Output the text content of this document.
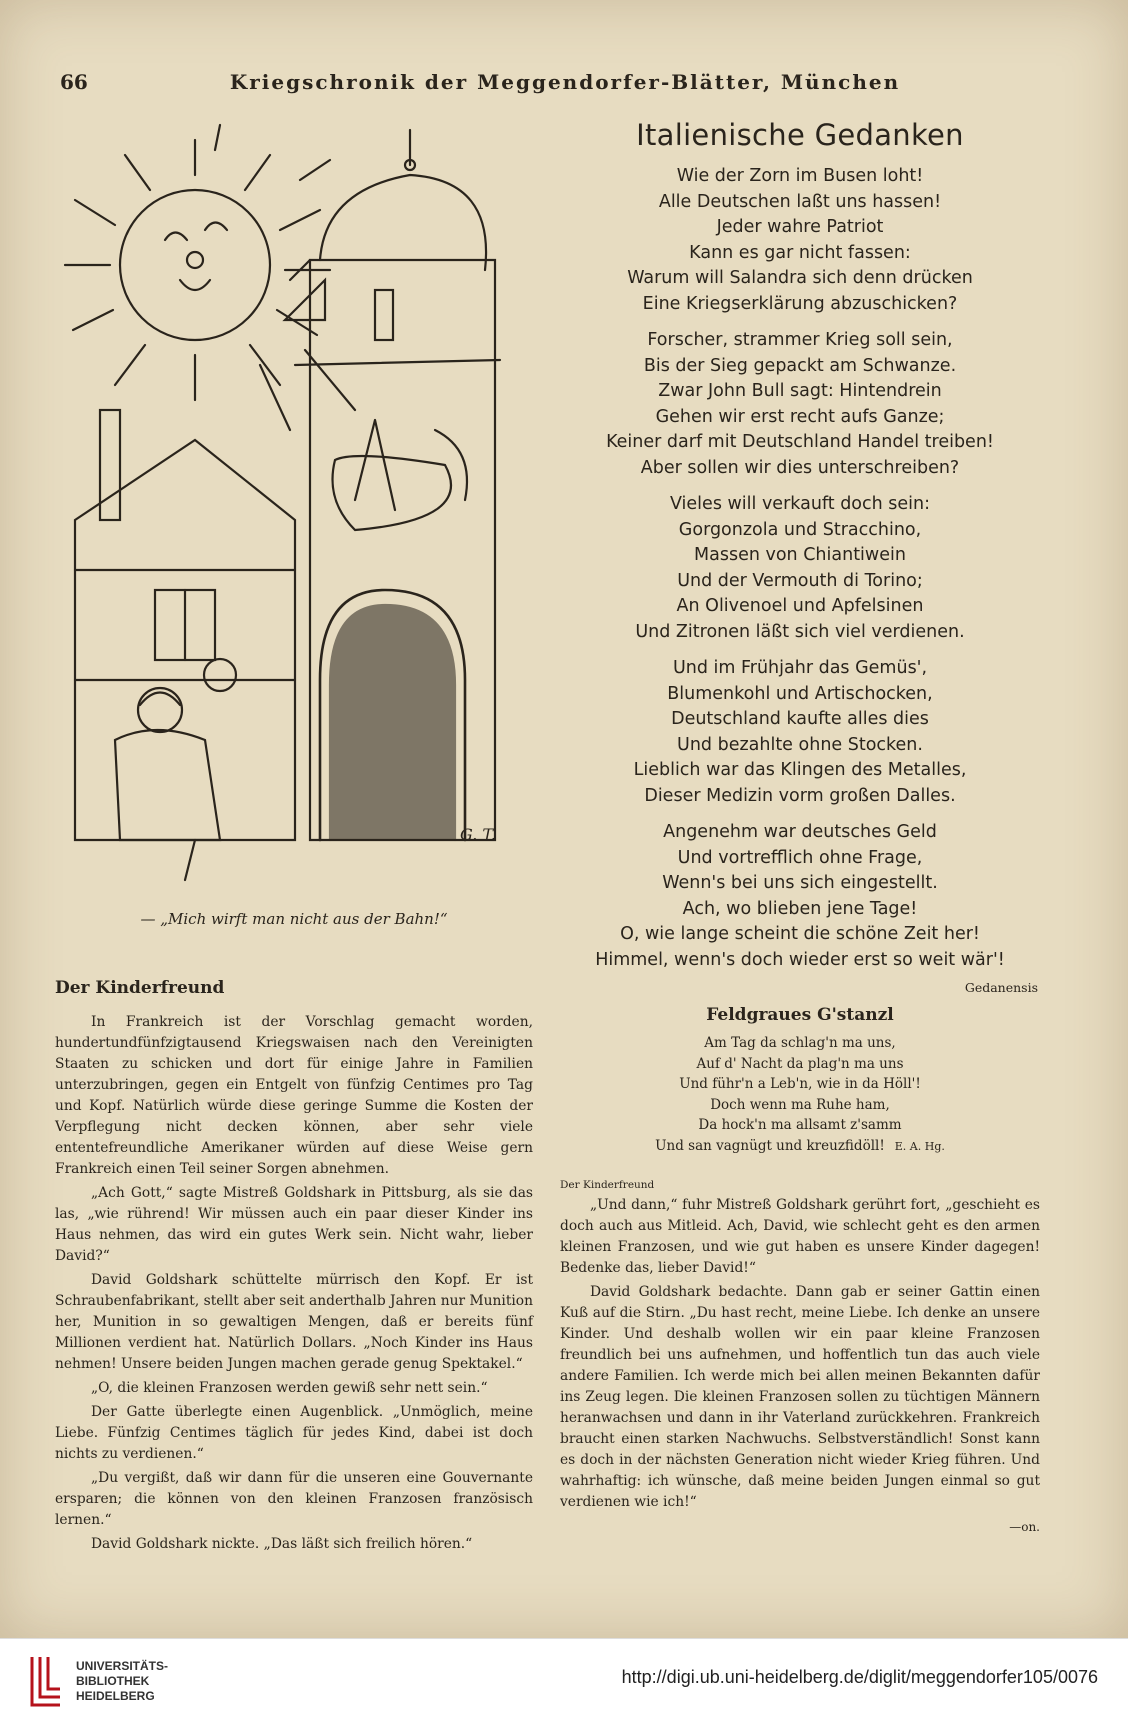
66	Kriegschronik der Meggendorfer-Blätter, München
G. T.
— „Mich wirft man nicht aus der Bahn!“
Der Kinderfreund

In Frankreich ist der Vorschlag gemacht worden, hundertundfünfzigtausend Kriegswaisen nach den Vereinigten Staaten zu schicken und dort für einige Jahre in Familien unterzubringen, gegen ein Entgelt von fünfzig Centimes pro Tag und Kopf. Natürlich würde diese geringe Summe die Kosten der Verpflegung nicht decken können, aber sehr viele ententefreundliche Amerikaner würden auf diese Weise gern Frankreich einen Teil seiner Sorgen abnehmen.

„Ach Gott,“ sagte Mistreß Goldshark in Pittsburg, als sie das las, „wie rührend! Wir müssen auch ein paar dieser Kinder ins Haus nehmen, das wird ein gutes Werk sein. Nicht wahr, lieber David?“

David Goldshark schüttelte mürrisch den Kopf. Er ist Schraubenfabrikant, stellt aber seit anderthalb Jahren nur Munition her, Munition in so gewaltigen Mengen, daß er bereits fünf Millionen verdient hat. Natürlich Dollars. „Noch Kinder ins Haus nehmen! Unsere beiden Jungen machen gerade genug Spektakel.“

„O, die kleinen Franzosen werden gewiß sehr nett sein.“

Der Gatte überlegte einen Augenblick. „Unmöglich, meine Liebe. Fünfzig Centimes täglich für jedes Kind, dabei ist doch nichts zu verdienen.“

„Du vergißt, daß wir dann für die unseren eine Gouvernante ersparen; die können von den kleinen Franzosen französisch lernen.“

David Goldshark nickte. „Das läßt sich freilich hören.“

Italienische Gedanken
Wie der Zorn im Busen loht!
Alle Deutschen laßt uns hassen!
Jeder wahre Patriot
Kann es gar nicht fassen:
Warum will Salandra sich denn drücken
Eine Kriegserklärung abzuschicken?
Forscher, strammer Krieg soll sein,
Bis der Sieg gepackt am Schwanze.
Zwar John Bull sagt: Hintendrein
Gehen wir erst recht aufs Ganze;
Keiner darf mit Deutschland Handel treiben!
Aber sollen wir dies unterschreiben?
Vieles will verkauft doch sein:
Gorgonzola und Stracchino,
Massen von Chiantiwein
Und der Vermouth di Torino;
An Olivenoel und Apfelsinen
Und Zitronen läßt sich viel verdienen.
Und im Frühjahr das Gemüs',
Blumenkohl und Artischocken,
Deutschland kaufte alles dies
Und bezahlte ohne Stocken.
Lieblich war das Klingen des Metalles,
Dieser Medizin vorm großen Dalles.
Angenehm war deutsches Geld
Und vortrefflich ohne Frage,
Wenn's bei uns sich eingestellt.
Ach, wo blieben jene Tage!
O, wie lange scheint die schöne Zeit her!
Himmel, wenn's doch wieder erst so weit wär'!
Gedanensis
Feldgraues G'stanzl
Am Tag da schlag'n ma uns,
Auf d' Nacht da plag'n ma uns
Und führ'n a Leb'n, wie in da Höll'!
Doch wenn ma Ruhe ham,
Da hock'n ma allsamt z'samm
Und san vagnügt und kreuzfidöll! E. A. Hg.
Der Kinderfreund

„Und dann,“ fuhr Mistreß Goldshark gerührt fort, „geschieht es doch auch aus Mitleid. Ach, David, wie schlecht geht es den armen kleinen Franzosen, und wie gut haben es unsere Kinder dagegen! Bedenke das, lieber David!“

David Goldshark bedachte. Dann gab er seiner Gattin einen Kuß auf die Stirn. „Du hast recht, meine Liebe. Ich denke an unsere Kinder. Und deshalb wollen wir ein paar kleine Franzosen freundlich bei uns aufnehmen, und hoffentlich tun das auch viele andere Familien. Ich werde mich bei allen meinen Bekannten dafür ins Zeug legen. Die kleinen Franzosen sollen zu tüchtigen Männern heranwachsen und dann in ihr Vaterland zurückkehren. Frankreich braucht einen starken Nachwuchs. Selbstverständlich! Sonst kann es doch in der nächsten Generation nicht wieder Krieg führen. Und wahrhaftig: ich wünsche, daß meine beiden Jungen einmal so gut verdienen wie ich!“

—on.
UNIVERSITÄTS-
BIBLIOTHEK
HEIDELBERG
http://digi.ub.uni-heidelberg.de/diglit/meggendorfer105/0076
